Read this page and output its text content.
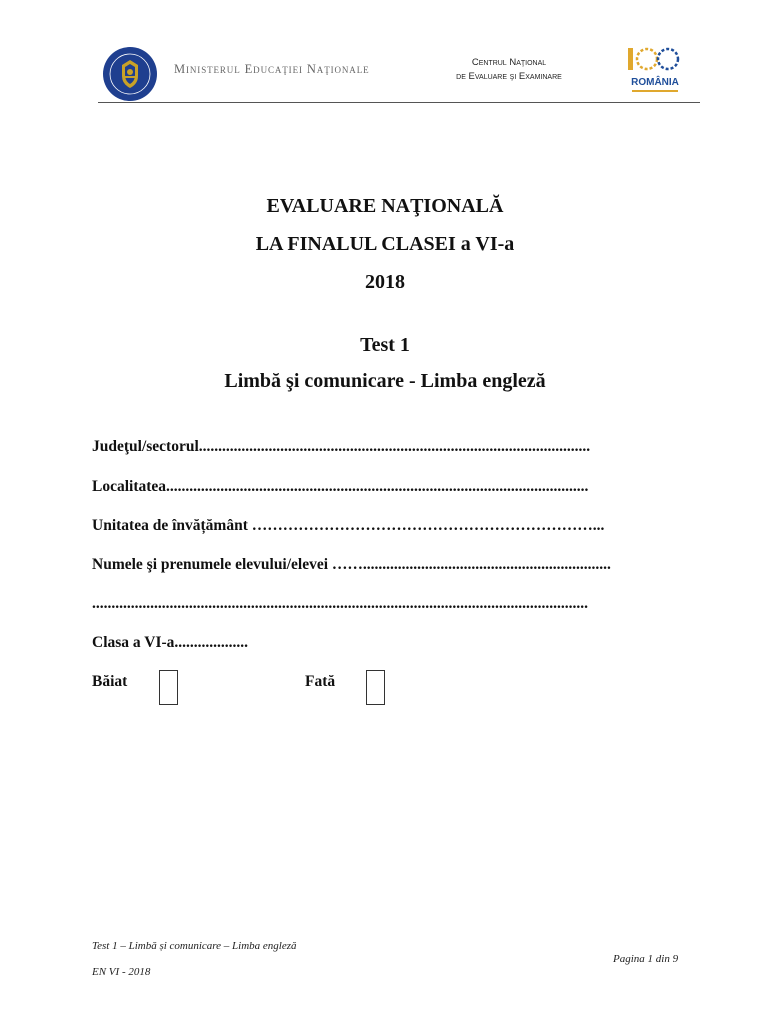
Ministerul Educaţiei Naţionale	Centrul Naţional
de Evaluare şi Examinare
ROMÂNIA
EVALUARE NAŢIONALĂ
LA FINALUL CLASEI a VI-a
2018
Test 1
Limbă şi comunicare - Limba engleză
Judeţul/sectorul.....................................................................................................
Localitatea.............................................................................................................
Unitatea de învățământ …………………………………………………………...
Numele şi prenumele elevului/elevei ……................................................................
................................................................................................................................
Clasa a VI-a...................
Băiat	Fată
Test 1 – Limbă și comunicare – Limba engleză
EN VI - 2018
Pagina 1 din 9
